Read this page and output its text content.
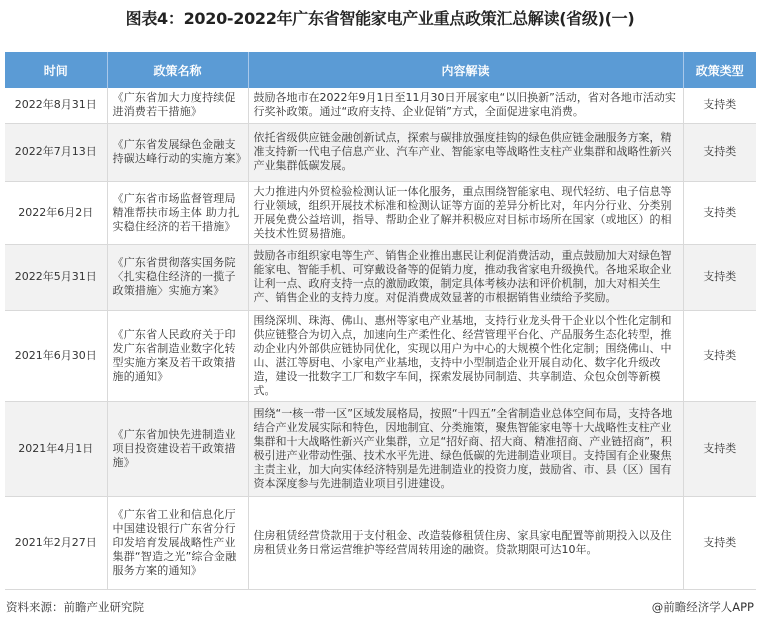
图表4：2020-2022年广东省智能家电产业重点政策汇总解读(省级)(一)
时间	政策名称	内容解读	政策类型
2022年8月31日	《广东省加大力度持续促进消费若干措施》	鼓励各地市在2022年9月1日至11月30日开展家电“以旧换新”活动，省对各地市活动实行奖补政策。通过“政府支持、企业促销”方式，全面促进家电消费。	支持类
2022年7月13日	《广东省发展绿色金融支持碳达峰行动的实施方案》	依托省级供应链金融创新试点，探索与碳排放强度挂钩的绿色供应链金融服务方案，精准支持新一代电子信息产业、汽车产业、智能家电等战略性支柱产业集群和战略性新兴产业集群低碳发展。	支持类
2022年6月2日	《广东省市场监督管理局精准帮扶市场主体 助力扎实稳住经济的若干措施》	大力推进内外贸检验检测认证一体化服务，重点围绕智能家电、现代轻纺、电子信息等行业领域，组织开展技术标准和检测认证等方面的差异分析比对，年内分行业、分类别开展免费公益培训，指导、帮助企业了解并积极应对目标市场所在国家（或地区）的相关技术性贸易措施。	支持类
2022年5月31日	《广东省贯彻落实国务院〈扎实稳住经济的一揽子政策措施〉实施方案》	鼓励各市组织家电等生产、销售企业推出惠民让利促消费活动，重点鼓励加大对绿色智能家电、智能手机、可穿戴设备等的促销力度，推动我省家电升级换代。各地采取企业让利一点、政府支持一点的激励政策，制定具体考核办法和评价机制，加大对相关生产、销售企业的支持力度。对促消费成效显著的市根据销售业绩给予奖励。	支持类
2021年6月30日	《广东省人民政府关于印发广东省制造业数字化转型实施方案及若干政策措施的通知》	围绕深圳、珠海、佛山、惠州等家电产业基地，支持行业龙头骨干企业以个性化定制和供应链整合为切入点，加速向生产柔性化、经营管理平台化、产品服务生态化转型，推动企业内外部供应链协同优化，实现以用户为中心的大规模个性化定制；围绕佛山、中山、湛江等厨电、小家电产业基地，支持中小型制造企业开展自动化、数字化升级改造，建设一批数字工厂和数字车间，探索发展协同制造、共享制造、众包众创等新模式。	支持类
2021年4月1日	《广东省加快先进制造业项目投资建设若干政策措施》	围绕“一核一带一区”区域发展格局，按照“十四五”全省制造业总体空间布局，支持各地结合产业发展实际和特色，因地制宜、分类施策，聚焦智能家电等十大战略性支柱产业集群和十大战略性新兴产业集群，立足“招好商、招大商、精准招商、产业链招商”，积极引进产业带动性强、技术水平先进、绿色低碳的先进制造业项目。支持国有企业聚焦主责主业，加大向实体经济特别是先进制造业的投资力度，鼓励省、市、县（区）国有资本深度参与先进制造业项目引进建设。	支持类
2021年2月27日	《广东省工业和信息化厅 中国建设银行广东省分行印发培育发展战略性产业集群“智造之光”综合金融服务方案的通知》	住房租赁经营贷款用于支付租金、改造装修租赁住房、家具家电配置等前期投入以及住房租赁业务日常运营维护等经营周转用途的融资。贷款期限可达10年。	支持类
资料来源：前瞻产业研究院	@前瞻经济学人APP
